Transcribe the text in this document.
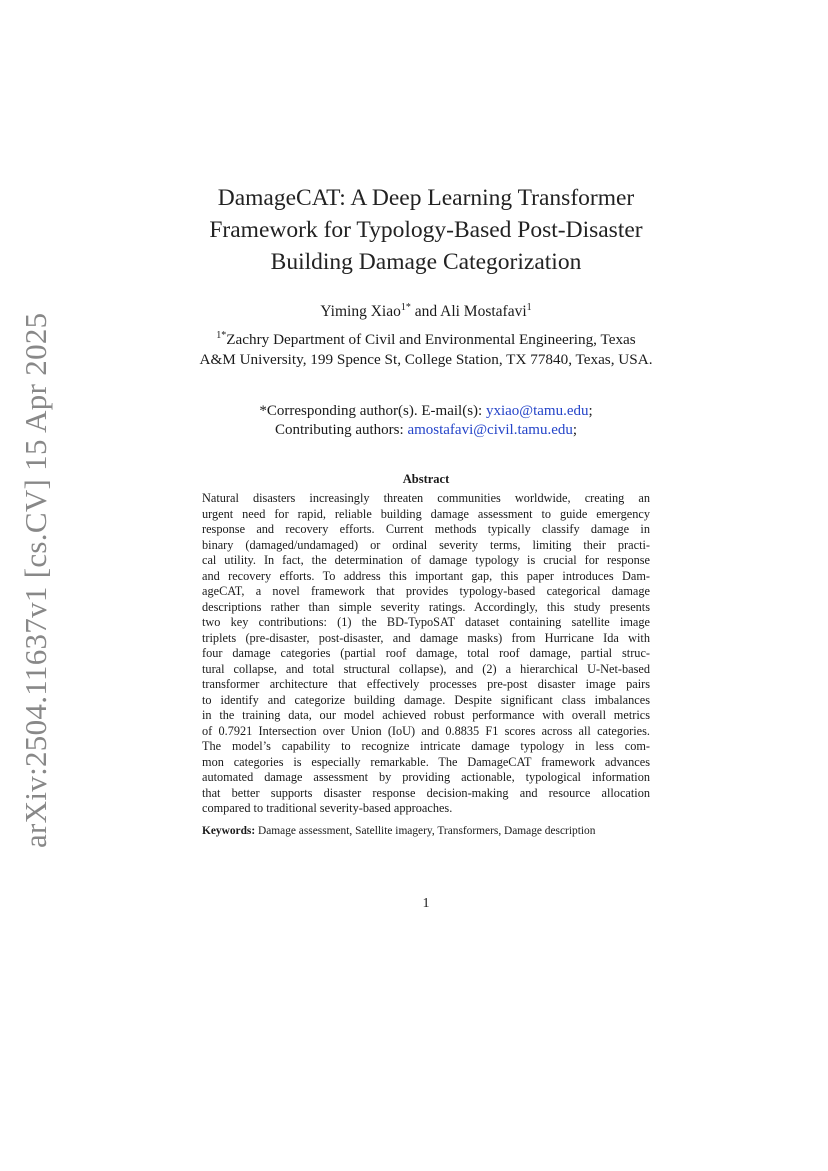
arXiv:2504.11637v1 [cs.CV] 15 Apr 2025
DamageCAT: A Deep Learning Transformer
Framework for Typology-Based Post-Disaster
Building Damage Categorization
Yiming Xiao$^{1*}$ and Ali Mostafavi$^1$
$^{1*}$Zachry Department of Civil and Environmental Engineering, Texas
A&M University, 199 Spence St, College Station, TX 77840, Texas, USA.
*Corresponding author(s). E-mail(s): yxiao@tamu.edu;
Contributing authors: amostafavi@civil.tamu.edu;
Abstract
Natural disasters increasingly threaten communities worldwide, creating an
urgent need for rapid, reliable building damage assessment to guide emergency
response and recovery efforts. Current methods typically classify damage in
binary (damaged/undamaged) or ordinal severity terms, limiting their practi-
cal utility. In fact, the determination of damage typology is crucial for response
and recovery efforts. To address this important gap, this paper introduces Dam-
ageCAT, a novel framework that provides typology-based categorical damage
descriptions rather than simple severity ratings. Accordingly, this study presents
two key contributions: (1) the BD-TypoSAT dataset containing satellite image
triplets (pre-disaster, post-disaster, and damage masks) from Hurricane Ida with
four damage categories (partial roof damage, total roof damage, partial struc-
tural collapse, and total structural collapse), and (2) a hierarchical U-Net-based
transformer architecture that effectively processes pre-post disaster image pairs
to identify and categorize building damage. Despite significant class imbalances
in the training data, our model achieved robust performance with overall metrics
of 0.7921 Intersection over Union (IoU) and 0.8835 F1 scores across all categories.
The model’s capability to recognize intricate damage typology in less com-
mon categories is especially remarkable. The DamageCAT framework advances
automated damage assessment by providing actionable, typological information
that better supports disaster response decision-making and resource allocation
compared to traditional severity-based approaches.
Keywords: Damage assessment, Satellite imagery, Transformers, Damage description
1
